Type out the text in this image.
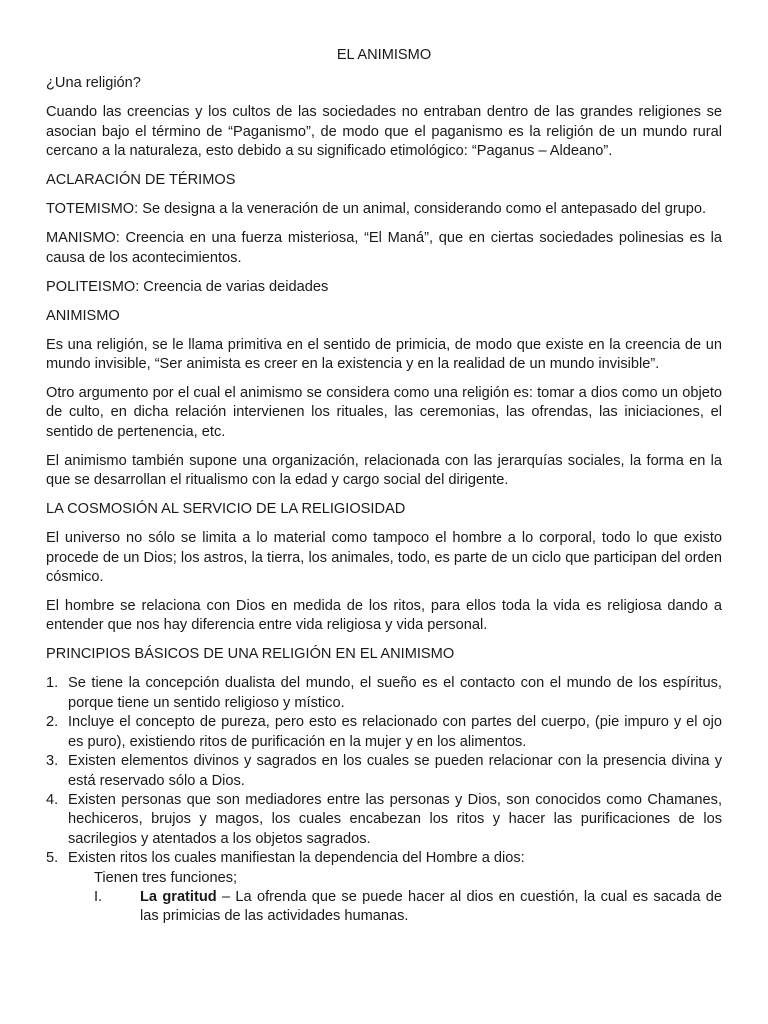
EL ANIMISMO
¿Una religión?
Cuando las creencias y los cultos de las sociedades no entraban dentro de las grandes religiones se asocian bajo el término de “Paganismo”, de modo que el paganismo es la religión de un mundo rural cercano a la naturaleza, esto debido a su significado etimológico: “Paganus – Aldeano”.
ACLARACIÓN DE TÉRIMOS
TOTEMISMO: Se designa a la veneración de un animal, considerando como el antepasado del grupo.
MANISMO: Creencia en una fuerza misteriosa, “El Maná”, que en ciertas sociedades polinesias es la causa de los acontecimientos.
POLITEISMO: Creencia de varias deidades
ANIMISMO
Es una religión, se le llama primitiva en el sentido de primicia, de modo que existe en la creencia de un mundo invisible, “Ser animista es creer en la existencia y en la realidad de un mundo invisible”.
Otro argumento por el cual el animismo se considera como una religión es: tomar a dios como un objeto de culto, en dicha relación intervienen los rituales, las ceremonias, las ofrendas, las iniciaciones, el sentido de pertenencia, etc.
El animismo también supone una organización, relacionada con las jerarquías sociales, la forma en la que se desarrollan el ritualismo con la edad y cargo social del dirigente.
LA COSMOSIÓN AL SERVICIO DE LA RELIGIOSIDAD
El universo no sólo se limita a lo material como tampoco el hombre a lo corporal, todo lo que existo procede de un Dios; los astros, la tierra, los animales, todo, es parte de un ciclo que participan del orden cósmico.
El hombre se relaciona con Dios en medida de los ritos, para ellos toda la vida es religiosa dando a entender que nos hay diferencia entre vida religiosa y vida personal.
PRINCIPIOS BÁSICOS DE UNA RELIGIÓN EN EL ANIMISMO
1. Se tiene la concepción dualista del mundo, el sueño es el contacto con el mundo de los espíritus, porque tiene un sentido religioso y místico.
2. Incluye el concepto de pureza, pero esto es relacionado con partes del cuerpo, (pie impuro y el ojo es puro), existiendo ritos de purificación en la mujer y en los alimentos.
3. Existen elementos divinos y sagrados en los cuales se pueden relacionar con la presencia divina y está reservado sólo a Dios.
4. Existen personas que son mediadores entre las personas y Dios, son conocidos como Chamanes, hechiceros, brujos y magos, los cuales encabezan los ritos y hacer las purificaciones de los sacrilegios y atentados a los objetos sagrados.
5. Existen ritos los cuales manifiestan la dependencia del Hombre a dios:
Tienen tres funciones;
I.	La gratitud – La ofrenda que se puede hacer al dios en cuestión, la cual es sacada de las primicias de las actividades humanas.
